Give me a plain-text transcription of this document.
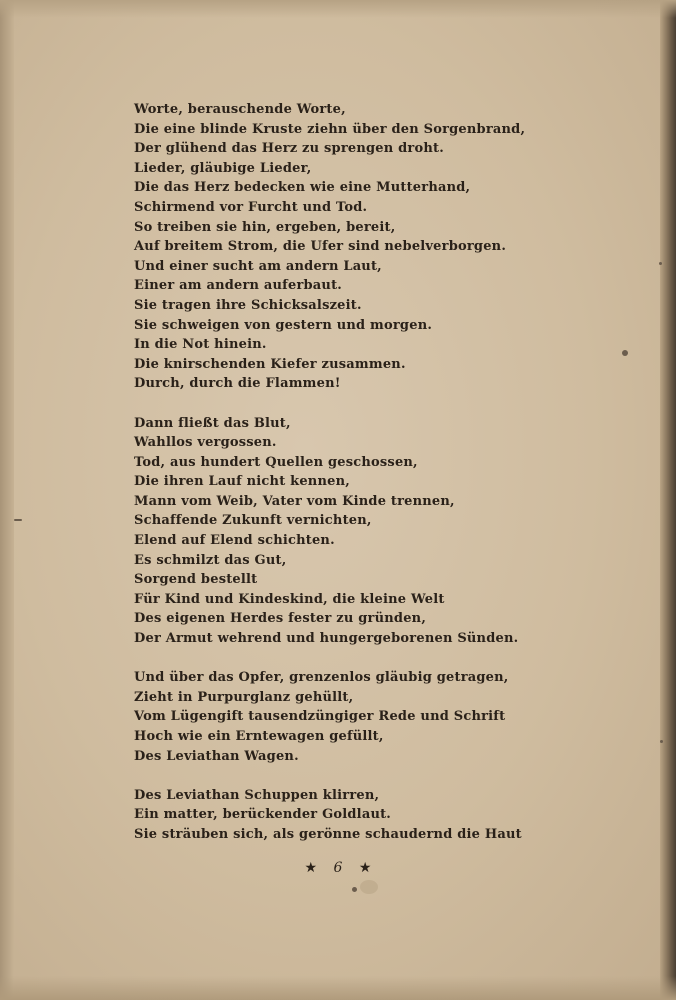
Worte, berauschende Worte,
Die eine blinde Kruste ziehn über den Sorgenbrand,
Der glühend das Herz zu sprengen droht.
Lieder, gläubige Lieder,
Die das Herz bedecken wie eine Mutterhand,
Schirmend vor Furcht und Tod.
So treiben sie hin, ergeben, bereit,
Auf breitem Strom, die Ufer sind nebelverborgen.
Und einer sucht am andern Laut,
Einer am andern auferbaut.
Sie tragen ihre Schicksalszeit.
Sie schweigen von gestern und morgen.
In die Not hinein.
Die knirschenden Kiefer zusammen.
Durch, durch die Flammen!
Dann fließt das Blut,
Wahllos vergossen.
Tod, aus hundert Quellen geschossen,
Die ihren Lauf nicht kennen,
Mann vom Weib, Vater vom Kinde trennen,
Schaffende Zukunft vernichten,
Elend auf Elend schichten.
Es schmilzt das Gut,
Sorgend bestellt
Für Kind und Kindeskind, die kleine Welt
Des eigenen Herdes fester zu gründen,
Der Armut wehrend und hungergeborenen Sünden.
Und über das Opfer, grenzenlos gläubig getragen,
Zieht in Purpurglanz gehüllt,
Vom Lügengift tausendzüngiger Rede und Schrift
Hoch wie ein Erntewagen gefüllt,
Des Leviathan Wagen.
Des Leviathan Schuppen klirren,
Ein matter, berückender Goldlaut.
Sie sträuben sich, als gerönne schaudernd die Haut
★ 6 ★
